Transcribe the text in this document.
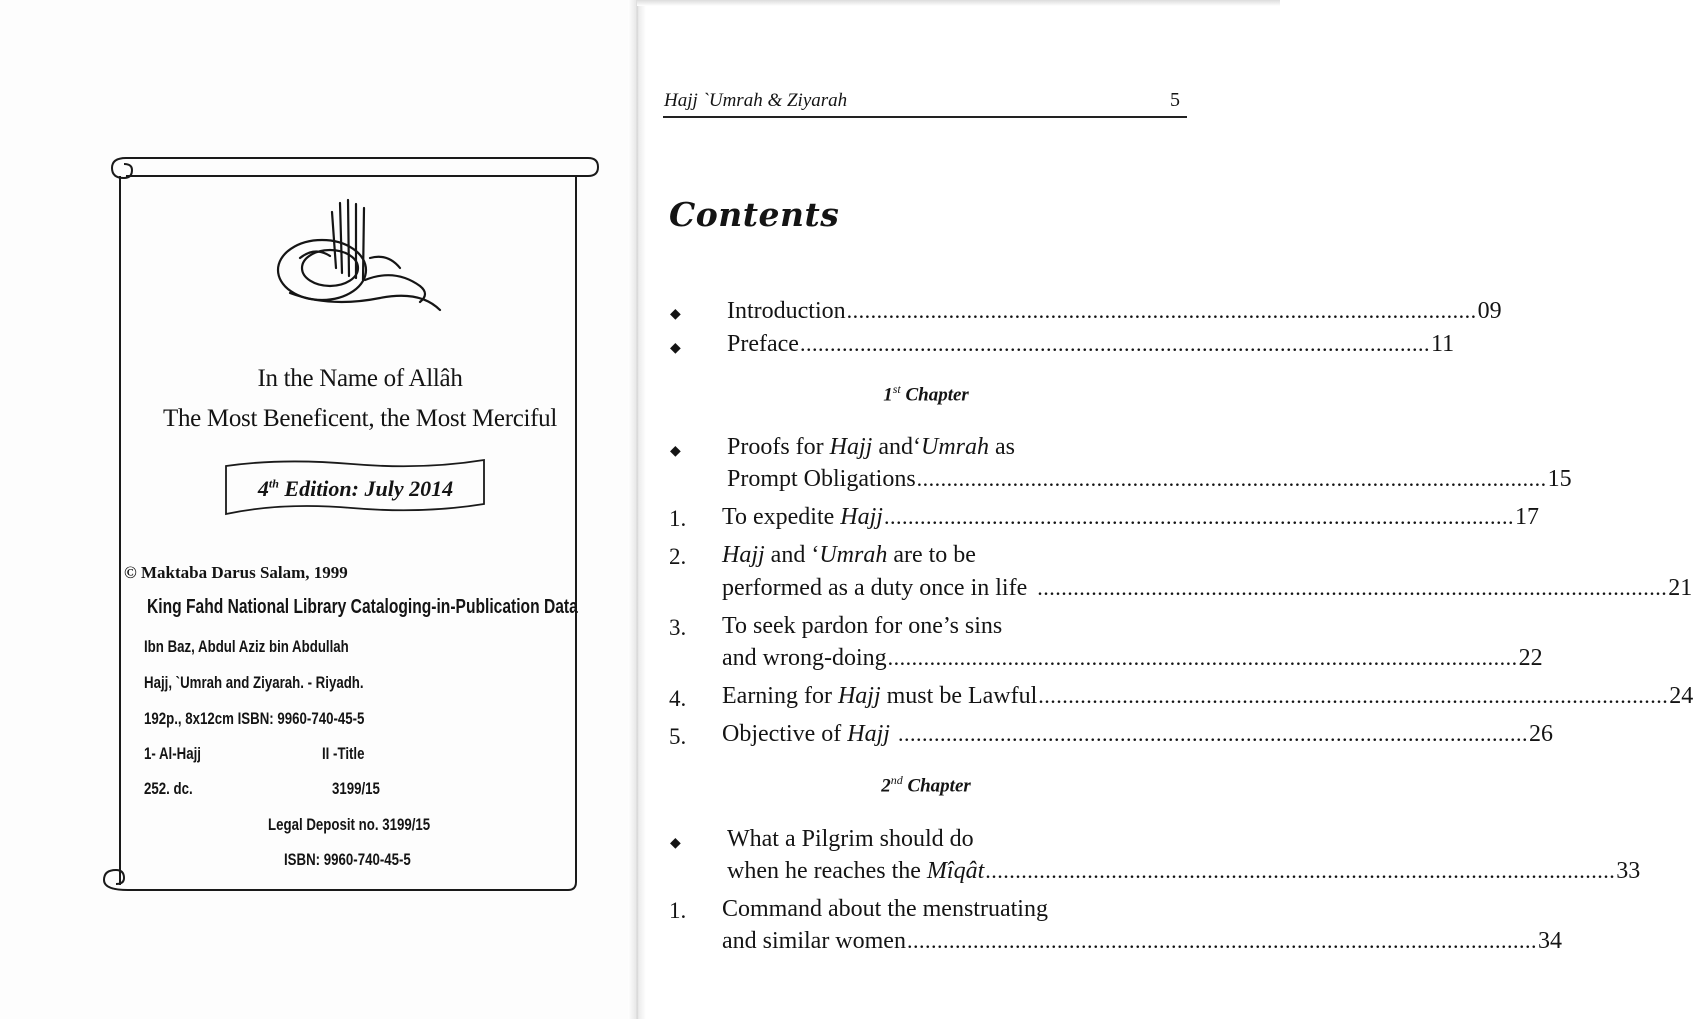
In the Name of Allâh
The Most Beneficent, the Most Merciful
4th Edition: July 2014
© Maktaba Darus Salam, 1999
King Fahd National Library Cataloging-in-Publication Data
Ibn Baz, Abdul Aziz bin Abdullah
Hajj, `Umrah and Ziyarah. - Riyadh.
192p., 8x12cm ISBN: 9960-740-45-5
1- Al-Hajj	II -Title
252. dc.	3199/15
Legal Deposit no. 3199/15
ISBN: 9960-740-45-5
Hajj `Umrah & Ziyarah	5
Contents
◆ Introduction ......................................................................................................... 09
◆ Preface ......................................................................................................... 11
1st Chapter
◆ Proofs for Hajj and‘Umrah as
Prompt Obligations ......................................................................................................... 15
1. To expedite Hajj ......................................................................................................... 17
2. Hajj and ‘Umrah are to be
performed as a duty once in life ......................................................................................................... 21
3. To seek pardon for one’s sins
and wrong-doing ......................................................................................................... 22
4. Earning for Hajj must be Lawful ......................................................................................................... 24
5. Objective of Hajj ......................................................................................................... 26
2nd Chapter
◆ What a Pilgrim should do
when he reaches the Mîqât ......................................................................................................... 33
1. Command about the menstruating
and similar women ......................................................................................................... 34
